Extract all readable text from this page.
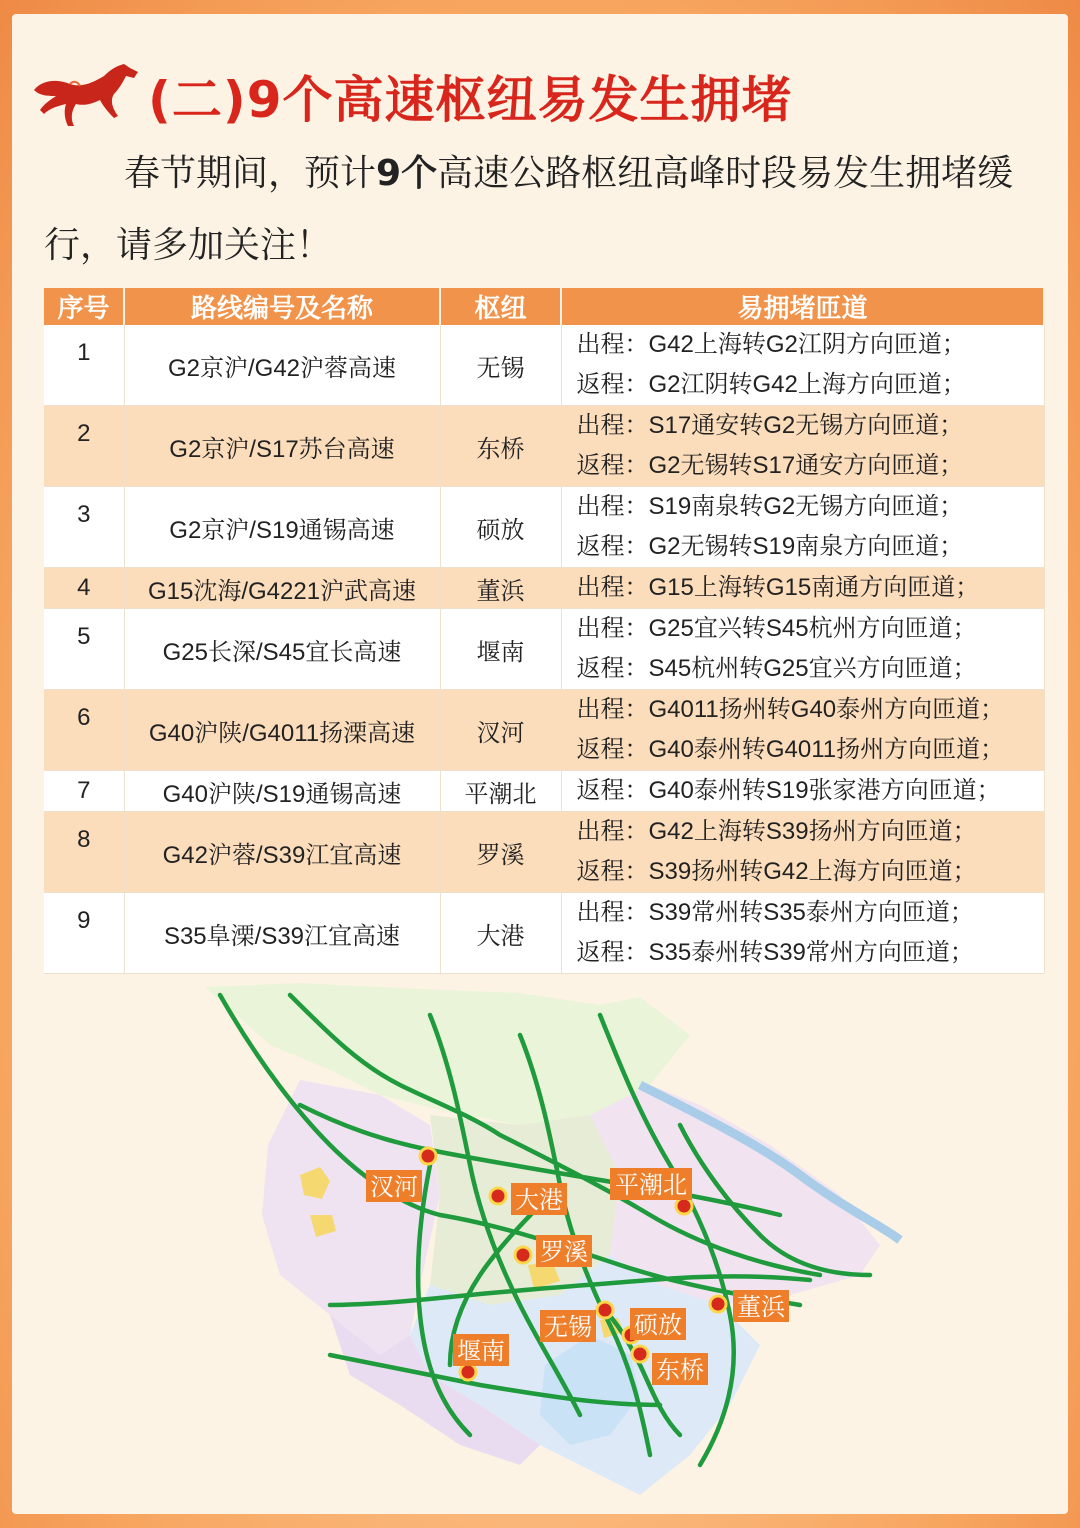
(二)9个高速枢纽易发生拥堵

春节期间，预计9个高速公路枢纽高峰时段易发生拥堵缓行，请多加关注！

序号	路线编号及名称	枢纽	易拥堵匝道
1	G2京沪/G42沪蓉高速	无锡	出程：G42上海转G2江阴方向匝道；
返程：G2江阴转G42上海方向匝道；

2	G2京沪/S17苏台高速	东桥	出程：S17通安转G2无锡方向匝道；
返程：G2无锡转S17通安方向匝道；

3	G2京沪/S19通锡高速	硕放	出程：S19南泉转G2无锡方向匝道；
返程：G2无锡转S19南泉方向匝道；

4	G15沈海/G4221沪武高速	董浜	出程：G15上海转G15南通方向匝道；

5	G25长深/S45宜长高速	堰南	出程：G25宜兴转S45杭州方向匝道；
返程：S45杭州转G25宜兴方向匝道；

6	G40沪陕/G4011扬溧高速	汊河	出程：G4011扬州转G40泰州方向匝道；
返程：G40泰州转G4011扬州方向匝道；

7	G40沪陕/S19通锡高速	平潮北	返程：G40泰州转S19张家港方向匝道；

8	G42沪蓉/S39江宜高速	罗溪	出程：G42上海转S39扬州方向匝道；
返程：S39扬州转G42上海方向匝道；

9	S35阜溧/S39江宜高速	大港	出程：S39常州转S35泰州方向匝道；
返程：S35泰州转S39常州方向匝道；
汊河	大港
平潮北
罗溪
董浜
无锡 硕放
堰南
东桥
